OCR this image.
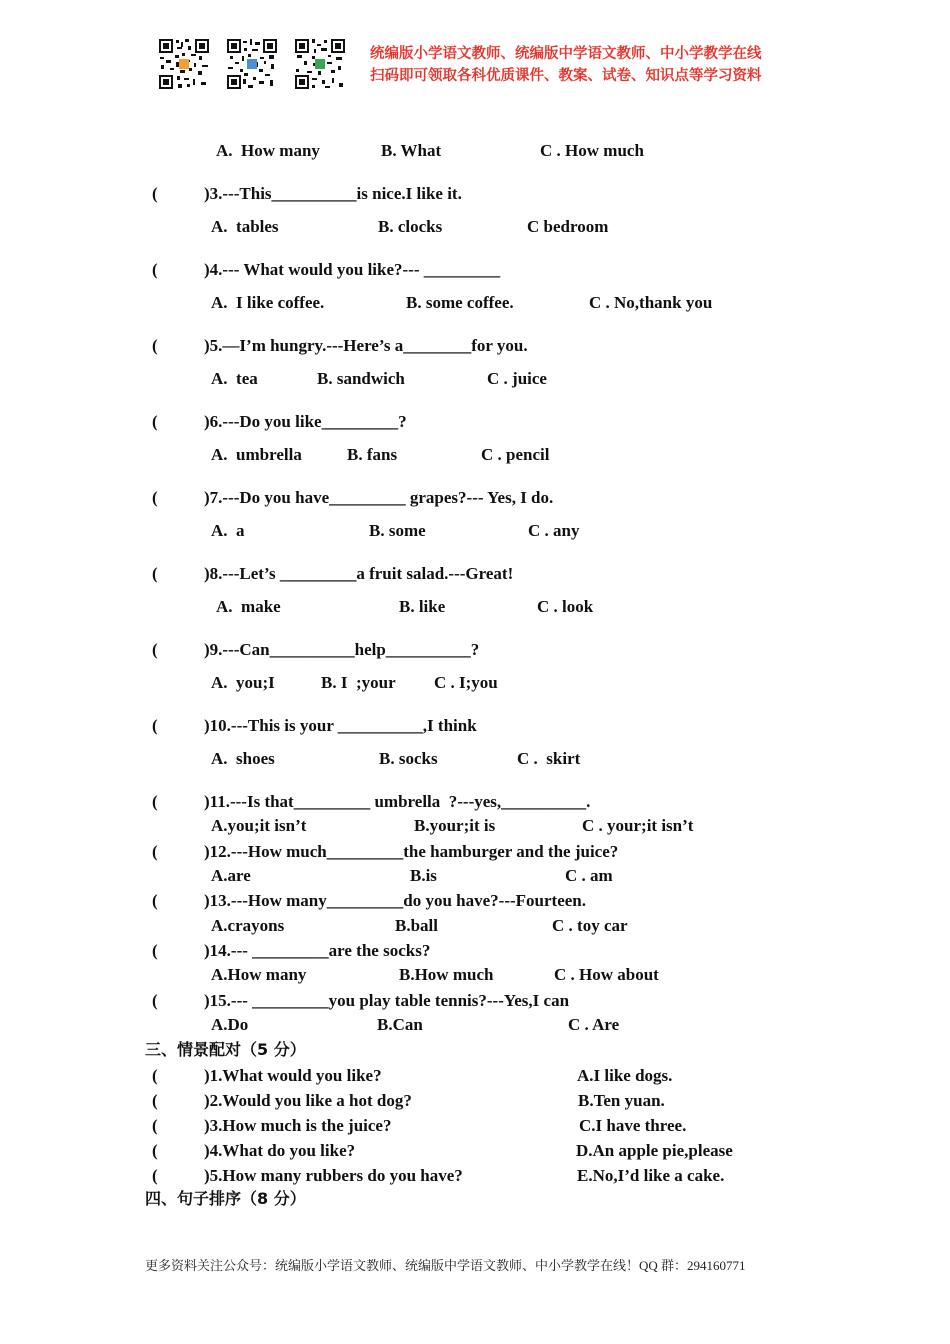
统编版小学语文教师、统编版中学语文教师、中小学教学在线
扫码即可领取各科优质课件、教案、试卷、知识点等学习资料
A.  How many	B. What	C . How much
(	)3.---This__________is nice.I like it.
A.  tables	B. clocks	C bedroom
(	)4.--- What would you like?--- _________
A.  I like coffee.	B. some coffee.	C . No,thank you
(	)5.—I’m hungry.---Here’s a________for you.
A.  tea	B. sandwich	C . juice
(	)6.---Do you like_________?
A.  umbrella	B. fans	C . pencil
(	)7.---Do you have_________ grapes?--- Yes, I do.
A.  a	B. some	C . any
(	)8.---Let’s _________a fruit salad.---Great!
A.  make	B. like	C . look
(	)9.---Can__________help__________?
A.  you;I	B. I  ;your C . I;you
(	)10.---This is your __________,I think
A.  shoes	B. socks	C .  skirt
(	)11.---Is that_________ umbrella  ?---yes,__________.
A.you;it isn’t	B.your;it is	C . your;it isn’t
(	)12.---How much_________the hamburger and the juice?
A.are	B.is	C . am
(	)13.---How many_________do you have?---Fourteen.
A.crayons	B.ball	C . toy car
(	)14.--- _________are the socks?
A.How many	B.How much	C . How about
(	)15.--- _________you play table tennis?---Yes,I can
A.Do	B.Can	C . Are
(	)1.What would you like?	A.I like dogs.
(	)2.Would you like a hot dog?	B.Ten yuan.
(	)3.How much is the juice?	C.I have three.
(	)4.What do you like?	D.An apple pie,please
(	)5.How many rubbers do you have?	E.No,I’d like a cake.
三、情景配对（5 分）
四、句子排序（8 分）
更多资料关注公众号：统编版小学语文教师、统编版中学语文教师、中小学教学在线！QQ 群：294160771
